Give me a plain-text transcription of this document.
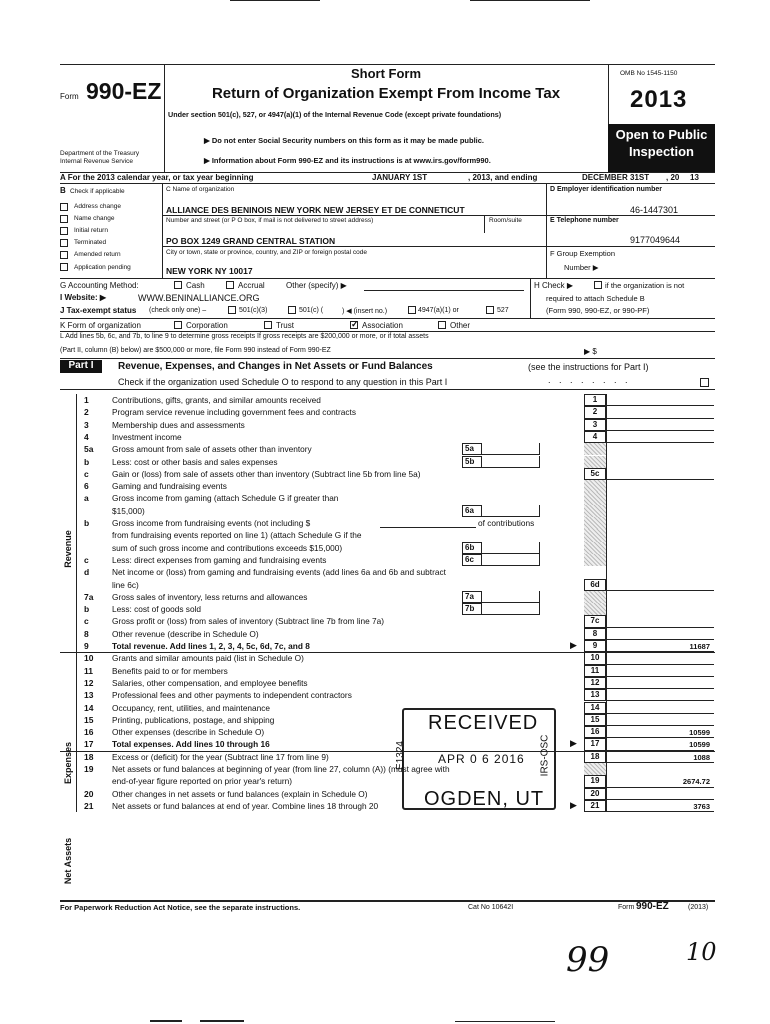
Form 990-EZ
Department of the Treasury
Internal Revenue Service
Short Form
Return of Organization Exempt From Income Tax
Under section 501(c), 527, or 4947(a)(1) of the Internal Revenue Code (except private foundations)
▶ Do not enter Social Security numbers on this form as it may be made public.
▶ Information about Form 990-EZ and its instructions is at www.irs.gov/form990.
OMB No 1545-1150
2013
Open to Public
Inspection
A For the 2013 calendar year, or tax year beginning	JANUARY 1ST	, 2013, and ending	DECEMBER 31ST , 20 13
B Check if applicable
Address change
Name change
Initial return
Terminated
Amended return
Application pending
C Name of organization
ALLIANCE DES BENINOIS NEW YORK NEW JERSEY ET DE CONNETICUT
Number and street (or P O box, if mail is not delivered to street address)	Room/suite
PO BOX 1249 GRAND CENTRAL STATION
City or town, state or province, country, and ZIP or foreign postal code
NEW YORK NY 10017
D Employer identification number
46-1447301
E Telephone number
9177049644
F Group Exemption
Number ▶
G Accounting Method:	Cash	Accrual	Other (specify) ▶	H Check ▶	if the organization is not
required to attach Schedule B
(Form 990, 990-EZ, or 990-PF)
I Website: ▶	WWW.BENINALLIANCE.ORG
J Tax-exempt status (check only one) –	501(c)(3)	501(c) (	) ◀ (insert no.)	4947(a)(1) or	527
K Form of organization	Corporation	Trust	✓ Association	Other
L Add lines 5b, 6c, and 7b, to line 9 to determine gross receipts If gross receipts are $200,000 or more, or if total assets
(Part II, column (B) below) are $500,000 or more, file Form 990 instead of Form 990-EZ	▶ $
Part I	Revenue, Expenses, and Changes in Net Assets or Fund Balances	(see the instructions for Part I)
Check if the organization used Schedule O to respond to any question in this Part I	. . . . . . . .
1	Contributions, gifts, grants, and similar amounts received	1
2	Program service revenue including government fees and contracts	2
3	Membership dues and assessments	3
4	Investment income	4
5a Gross amount from sale of assets other than inventory	5a
b	Less: cost or other basis and sales expenses	5b
c	Gain or (loss) from sale of assets other than inventory (Subtract line 5b from line 5a)	5c
6	Gaming and fundraising events
a	Gross income from gaming (attach Schedule G if greater than
$15,000)	6a
b	Gross income from fundraising events (not including $	of contributions
from fundraising events reported on line 1) (attach Schedule G if the
sum of such gross income and contributions exceeds $15,000)	6b
c	Less: direct expenses from gaming and fundraising events	6c
d	Net income or (loss) from gaming and fundraising events (add lines 6a and 6b and subtract
line 6c)	6d
7a Gross sales of inventory, less returns and allowances	7a
b	Less: cost of goods sold	7b
c	Gross profit or (loss) from sales of inventory (Subtract line 7b from line 7a)	7c
8	Other revenue (describe in Schedule O)	8
9	Total revenue. Add lines 1, 2, 3, 4, 5c, 6d, 7c, and 8	▶	9	11687
10 Grants and similar amounts paid (list in Schedule O)	10
11 Benefits paid to or for members	11
12 Salaries, other compensation, and employee benefits	12
13 Professional fees and other payments to independent contractors	13
14 Occupancy, rent, utilities, and maintenance	14
15 Printing, publications, postage, and shipping	15
16 Other expenses (describe in Schedule O)	16	10599
17 Total expenses. Add lines 10 through 16	▶	17	10599
18 Excess or (deficit) for the year (Subtract line 17 from line 9)	18	1088
19 Net assets or fund balances at beginning of year (from line 27, column (A)) (must agree with
end-of-year figure reported on prior year's return)	19	2674.72
20 Other changes in net assets or fund balances (explain in Schedule O)	20
21 Net assets or fund balances at end of year. Combine lines 18 through 20	▶	21	3763
Revenue
Expenses
Net Assets
RECEIVED
APR 0 6 2016
OGDEN, UT
E1324	IRS-OSC
For Paperwork Reduction Act Notice, see the separate instructions.	Cat No 10642I	Form 990-EZ	(2013)
99	10
